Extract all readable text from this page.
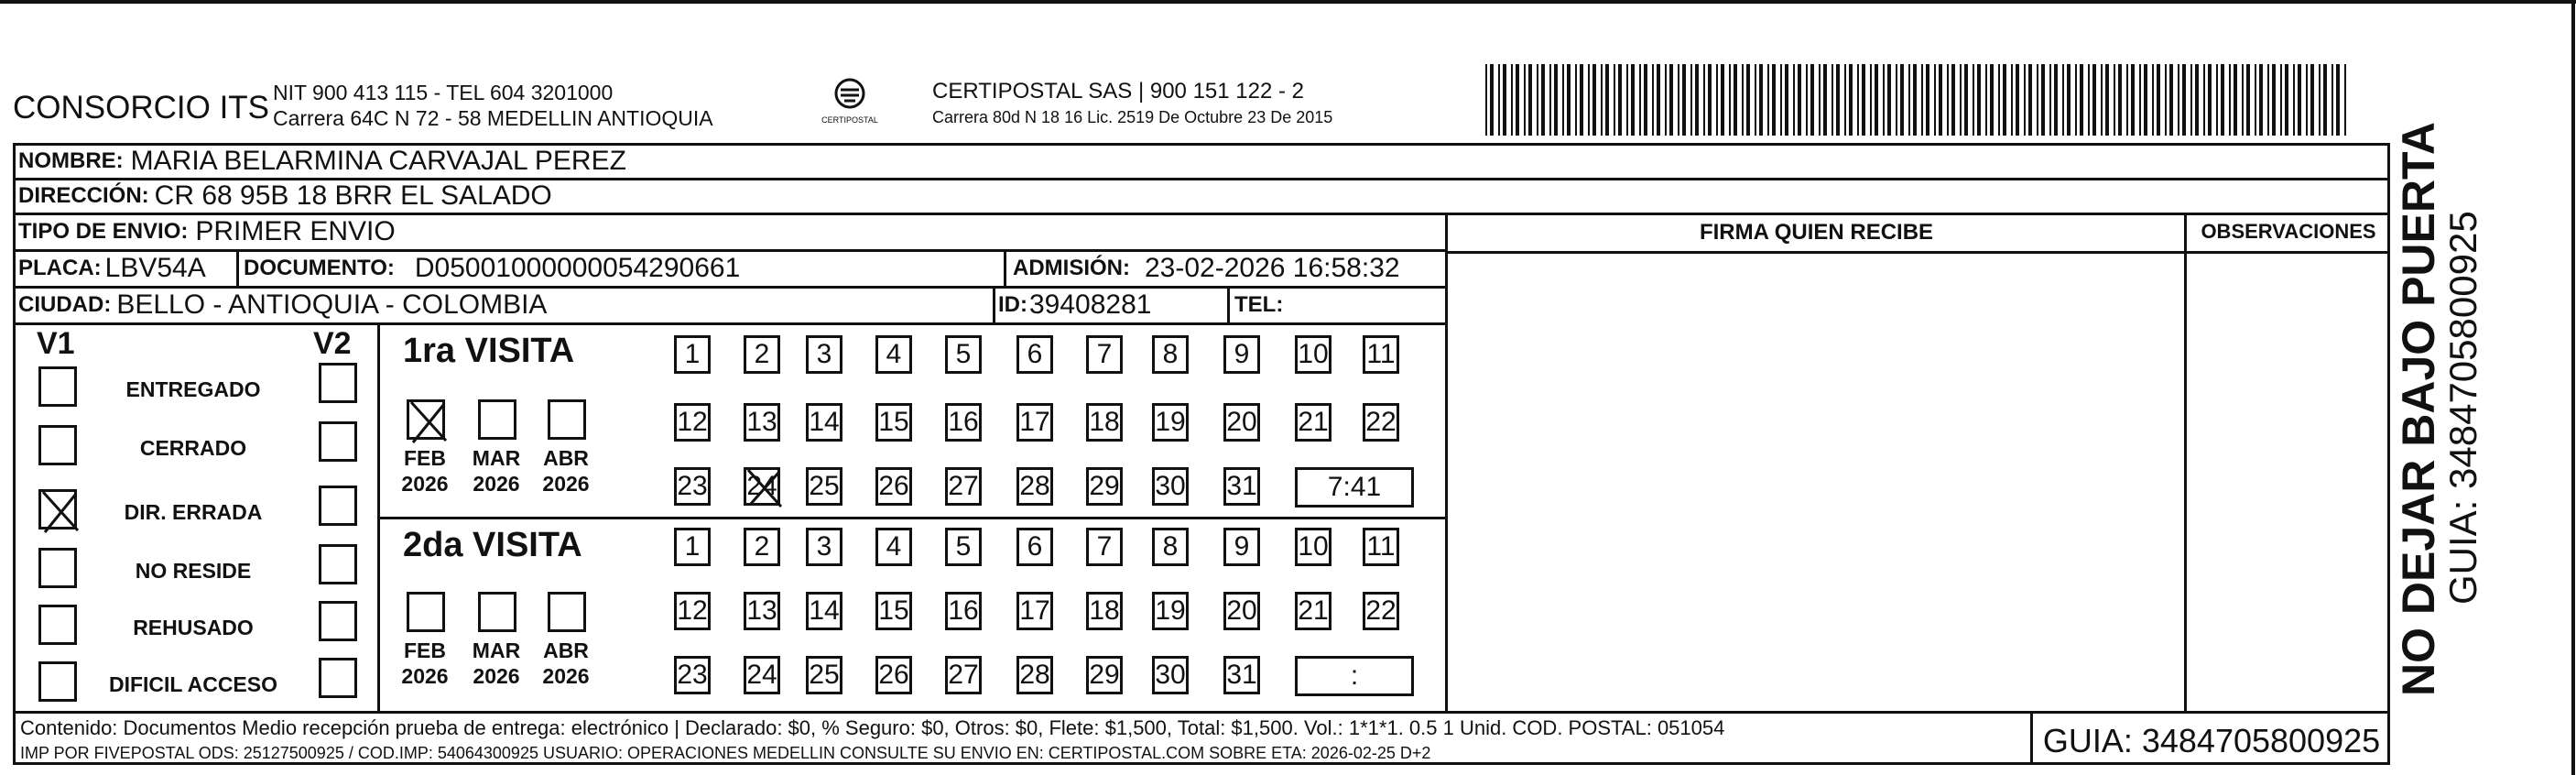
CONSORCIO ITS NIT 900 413 115 - TEL 604 3201000
Carrera 64C N 72 - 58 MEDELLIN ANTIOQUIA	CERTIPOSTAL
CERTIPOSTAL SAS | 900 151 122 - 2
Carrera 80d N 18 16 Lic. 2519 De Octubre 23 De 2015
NOMBRE: MARIA BELARMINA CARVAJAL PEREZ
DIRECCIÓN: CR 68 95B 18 BRR EL SALADO
TIPO DE ENVIO: PRIMER ENVIO
PLACA: LBV54A DOCUMENTO: D05001000000054290661	ADMISIÓN: 23-02-2026 16:58:32
CIUDAD: BELLO - ANTIOQUIA - COLOMBIA	ID: 39408281	TEL:
FIRMA QUIEN RECIBE	OBSERVACIONES
V1	V2
ENTREGADO
CERRADO
DIR. ERRADA
NO RESIDE
REHUSADO
DIFICIL ACCESO
1ra VISITA
2da VISITA
FEB
2026
MAR
2026
ABR
2026
1	2	3	4	5	6	7	8	9	10 11
12 13 14 15 16 17 18 19 20 21 22
23 24 25 26 27 28 29 30 31	7:41
FEB
2026
MAR
2026
ABR
2026
1	2	3	4	5	6	7	8	9	10 11
12 13 14 15 16 17 18 19 20 21 22
23 24 25 26 27 28 29 30 31	:	NO DEJAR BAJO PUERTA
GUIA: 3484705800925
Contenido: Documentos Medio recepción prueba de entrega: electrónico | Declarado: $0, % Seguro: $0, Otros: $0, Flete: $1,500, Total: $1,500. Vol.: 1*1*1. 0.5 1 Unid. COD. POSTAL: 051054
IMP POR FIVEPOSTAL ODS: 25127500925 / COD.IMP: 54064300925 USUARIO: OPERACIONES MEDELLIN CONSULTE SU ENVIO EN: CERTIPOSTAL.COM SOBRE ETA: 2026-02-25 D+2	GUIA: 3484705800925
